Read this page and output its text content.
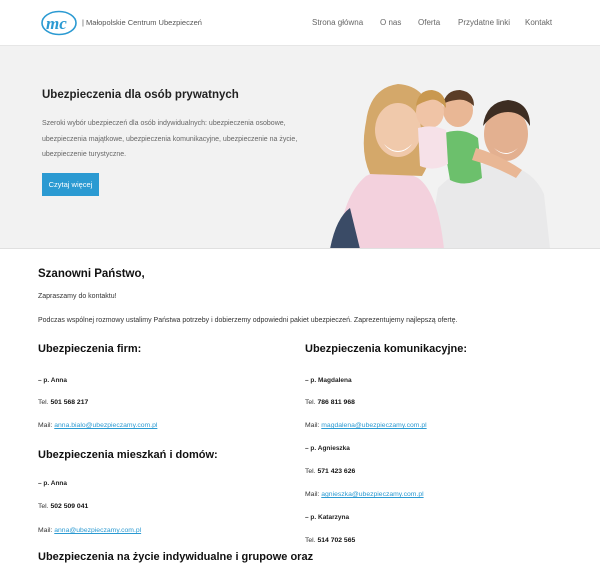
mc | Małopolskie Centrum Ubezpieczeń	Strona główna O nas Oferta Przydatne linki Kontakt
Ubezpieczenia dla osób prywatnych
Szeroki wybór ubezpieczeń dla osób indywidualnych: ubezpieczenia osobowe, ubezpieczenia majątkowe, ubezpieczenia komunikacyjne, ubezpieczenie na życie, ubezpieczenie turystyczne.
Czytaj więcej
Szanowni Państwo,
Zapraszamy do kontaktu!
Podczas wspólnej rozmowy ustalimy Państwa potrzeby i dobierzemy odpowiedni pakiet ubezpieczeń. Zaprezentujemy najlepszą ofertę.
Ubezpieczenia firm:
– p. Anna
Tel. 501 568 217
Mail: anna.bialo@ubezpieczamy.com.pl
Ubezpieczenia mieszkań i domów:
– p. Anna
Tel. 502 509 041
Mail: anna@ubezpieczamy.com.pl
Ubezpieczenia na życie indywidualne i grupowe oraz
Ubezpieczenia komunikacyjne:
– p. Magdalena
Tel. 786 811 968
Mail: magdalena@ubezpieczamy.com.pl
– p. Agnieszka
Tel. 571 423 626
Mail: agnieszka@ubezpieczamy.com.pl
– p. Katarzyna
Tel. 514 702 565
